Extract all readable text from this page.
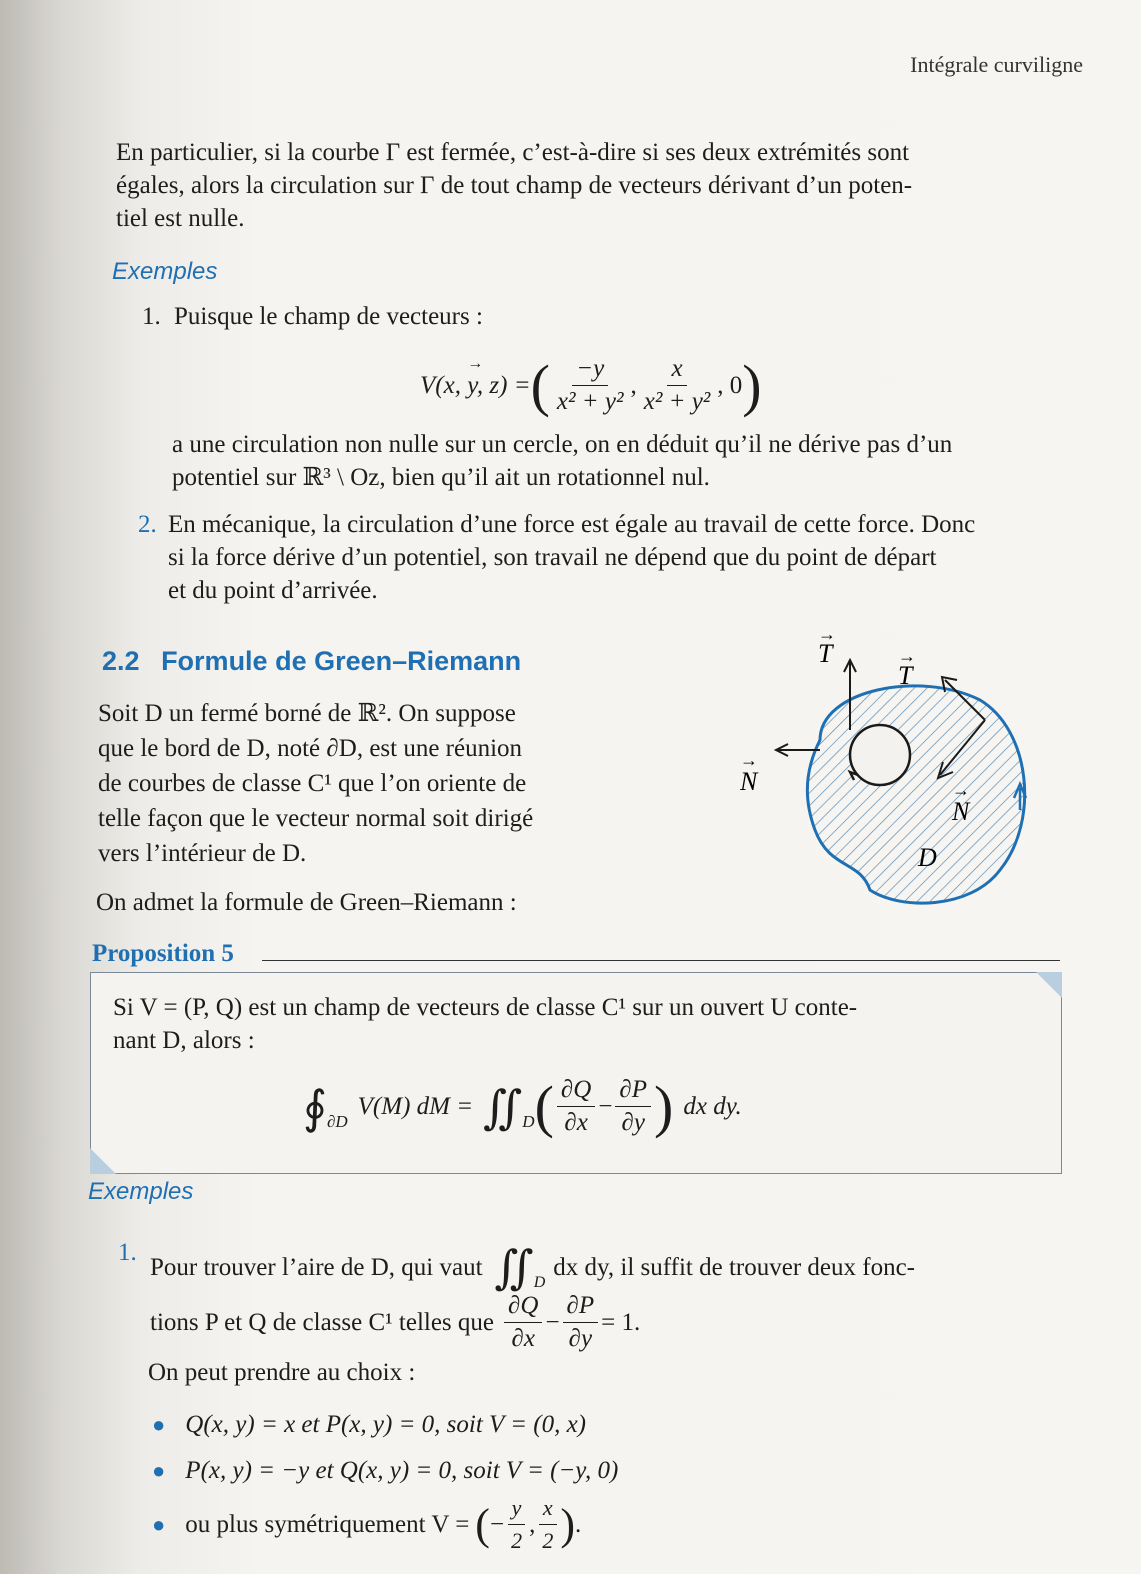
Intégrale curviligne

En particulier, si la courbe Γ est fermée, c’est-à-dire si ses deux extrémités sont

égales, alors la circulation sur Γ de tout champ de vecteurs dérivant d’un poten-

tiel est nulle.

Exemples
1. Puisque le champ de vecteurs :
→ V(x, y, z) = ( $\frac{-y}{\text{x² + y²}}$ , $\frac{x}{\text{x² + y²}}$ , 0 )

a une circulation non nulle sur un cercle, on en déduit qu’il ne dérive pas d’un

potentiel sur ℝ³ \ Oz, bien qu’il ait un rotationnel nul.

2. En mécanique, la circulation d’une force est égale au travail de cette force. Donc

si la force dérive d’un potentiel, son travail ne dépend que du point de départ

et du point d’arrivée.

2.2 Formule de Green–Riemann

Soit D un fermé borné de ℝ². On suppose

que le bord de D, noté ∂D, est une réunion

de courbes de classe C¹ que l’on oriente de

telle façon que le vecteur normal soit dirigé

vers l’intérieur de D.

On admet la formule de Green–Riemann :
T
→
T
→
N
→
N
→
D
Proposition 5

Si V = (P, Q) est un champ de vecteurs de classe C¹ sur un ouvert U conte-

nant D, alors :

$∮_{\partial D}$
V(M) dM = $∬_D$ ( $\frac{\partial Q}{\partial x} - \frac{\partial P}{\partial y}$ ) dx dy.
Exemples
1.
Pour trouver l’aire de D, qui vaut $∬_D$
dx dy, il suffit de trouver deux fonc-
tions P et Q de classe C¹ telles que $\frac{\partial Q}{\partial x} - \frac{\partial P}{\partial y} = 1$.
On peut prendre au choix :
● Q(x, y) = x et P(x, y) = 0, soit V = (0, x)
● P(x, y) = −y et Q(x, y) = 0, soit V = (−y, 0)
● ou plus symétriquement V = ( − $\frac{y}{2}$ , $\frac{x}{2}$ ) .
